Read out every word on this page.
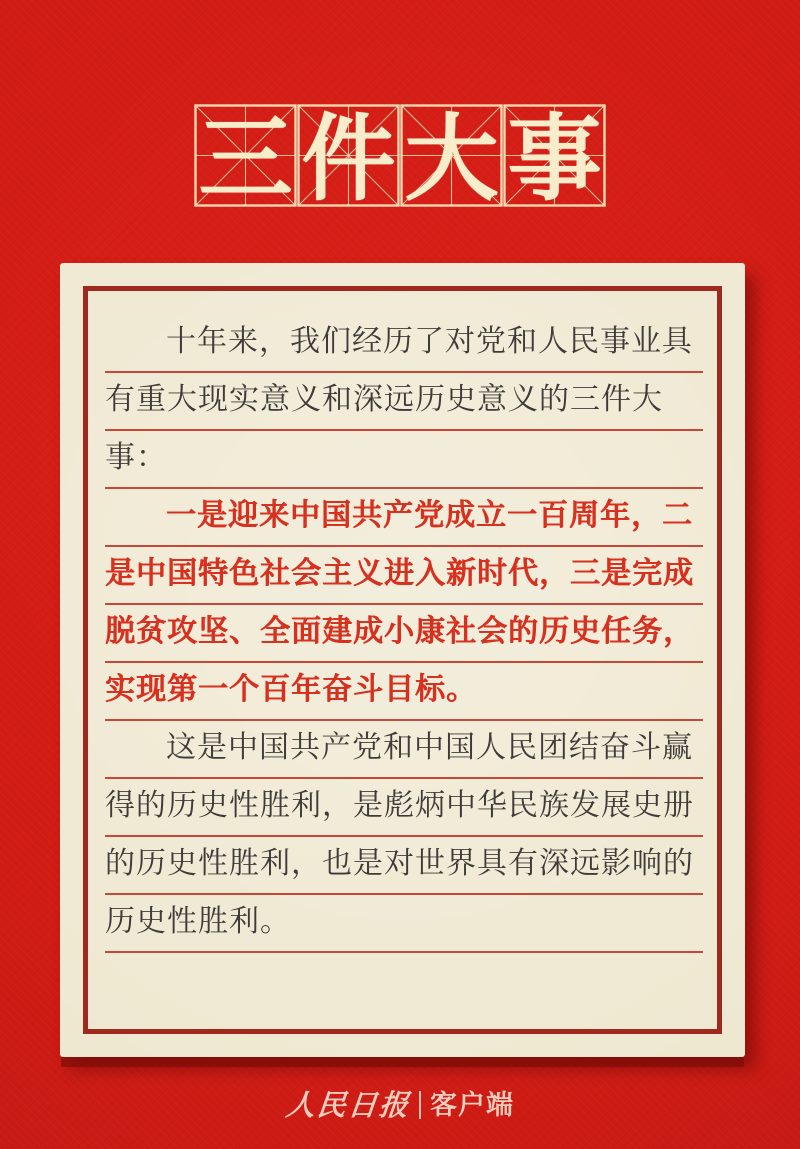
三 件 大 事
十年来，我们经历了对党和人民事业具
有重大现实意义和深远历史意义的三件大
事：
一是迎来中国共产党成立一百周年，二
是中国特色社会主义进入新时代，三是完成
脱贫攻坚、全面建成小康社会的历史任务，
实现第一个百年奋斗目标。
这是中国共产党和中国人民团结奋斗赢
得的历史性胜利，是彪炳中华民族发展史册
的历史性胜利，也是对世界具有深远影响的
历史性胜利。
人民日报 客户端
